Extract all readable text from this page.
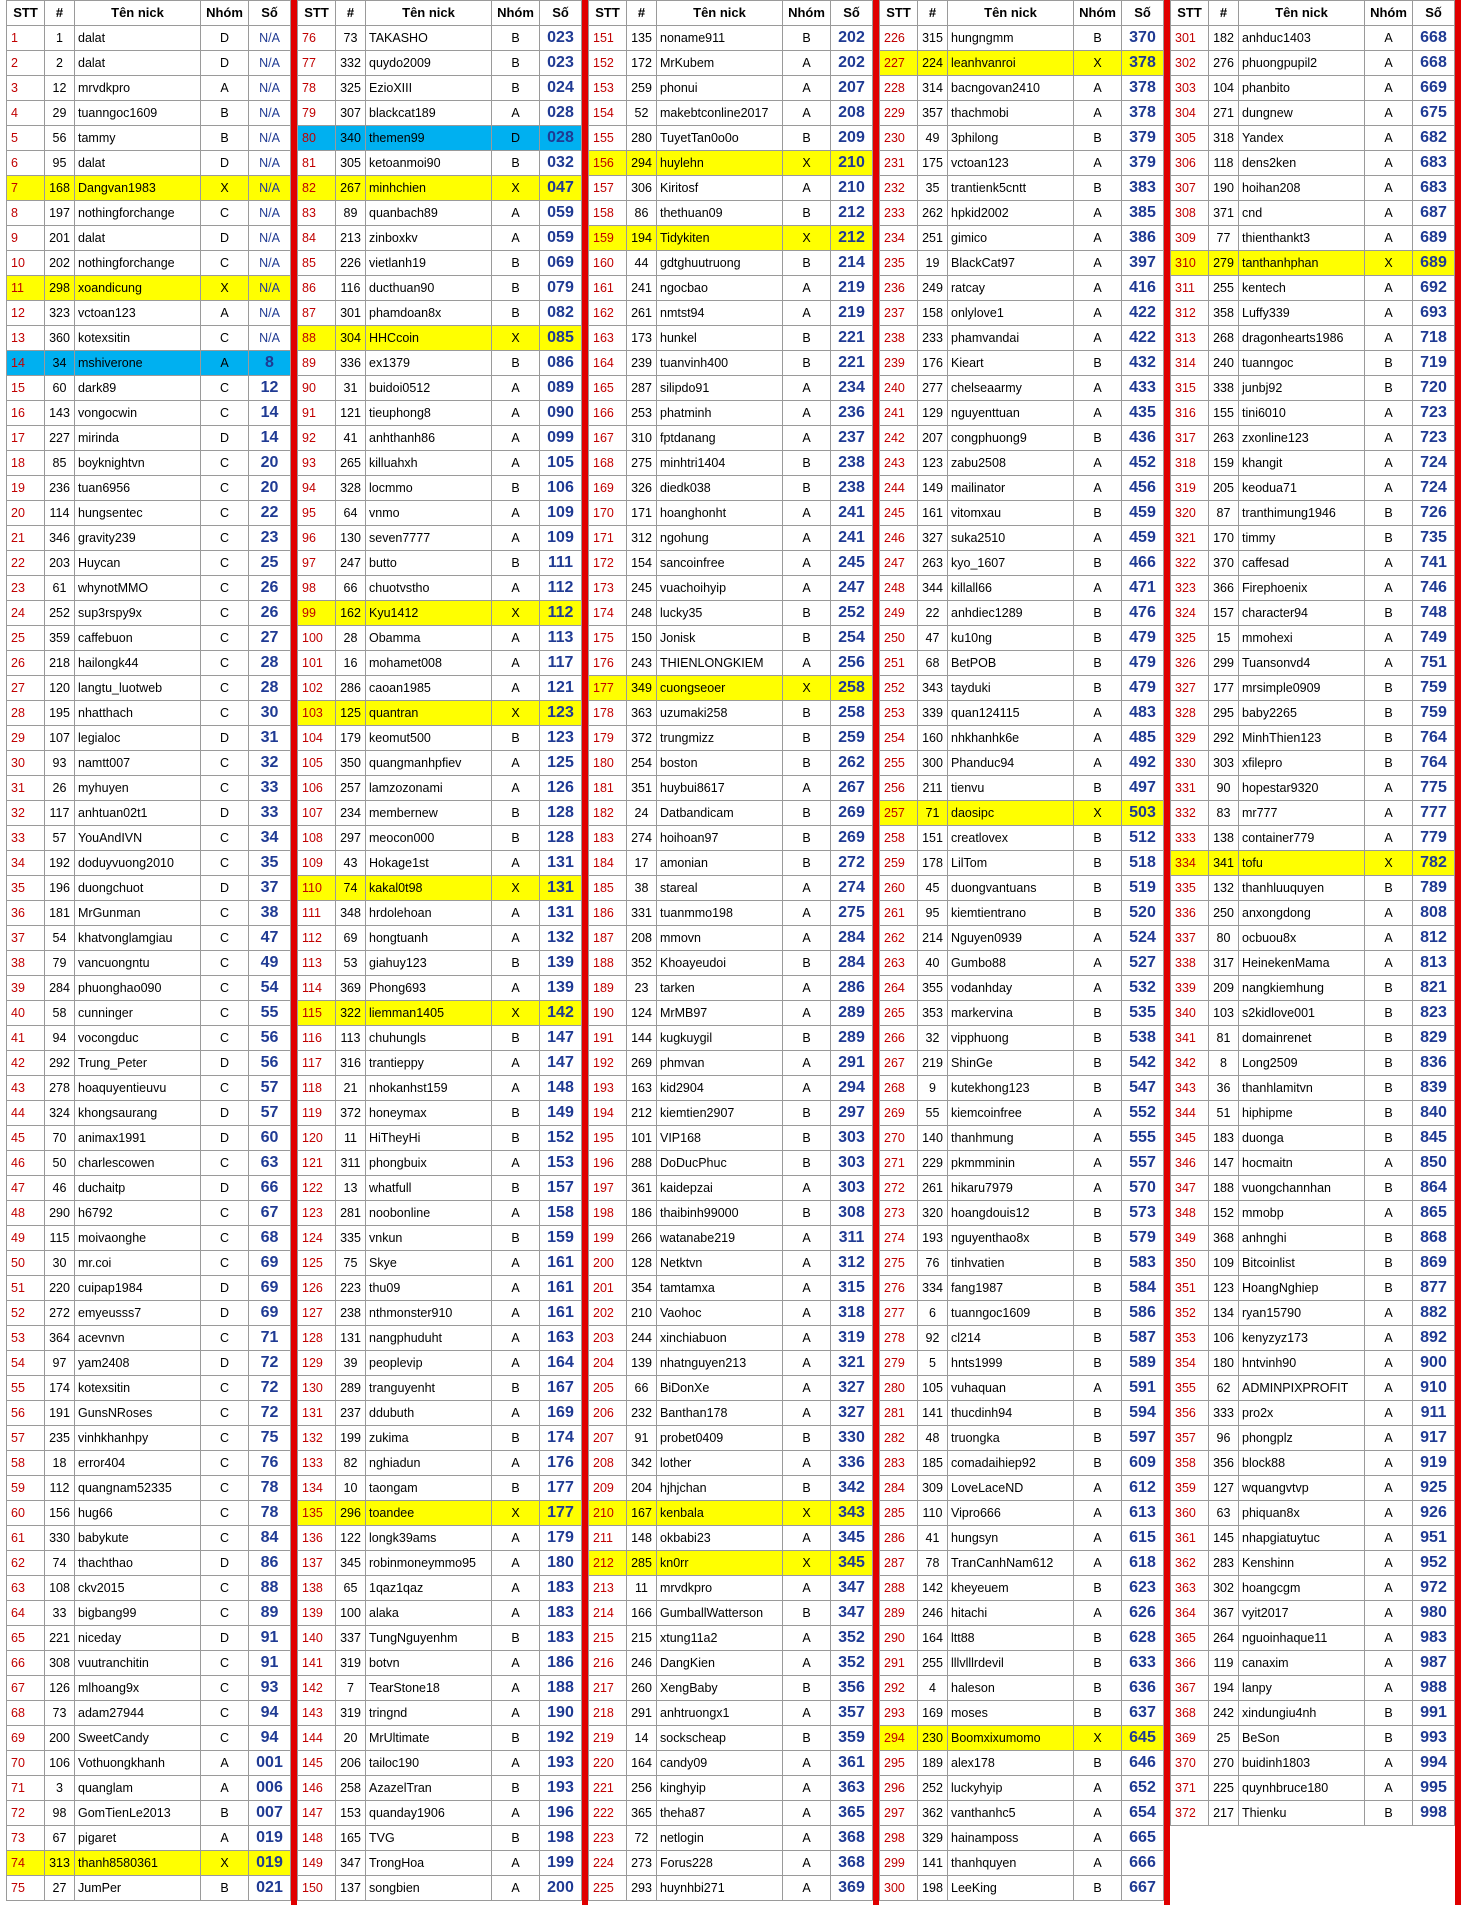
STT	#	Tên nick	Nhóm	Số
1	1	dalat	D	N/A
2	2	dalat	D	N/A
3	12	mrvdkpro	A	N/A
4	29	tuanngoc1609	B	N/A
5	56	tammy	B	N/A
6	95	dalat	D	N/A
7	168	Dangvan1983	X	N/A
8	197	nothingforchange	C	N/A
9	201	dalat	D	N/A
10	202	nothingforchange	C	N/A
11	298	xoandicung	X	N/A
12	323	vctoan123	A	N/A
13	360	kotexsitin	C	N/A
14	34	mshiverone	A	8
15	60	dark89	C	12
16	143	vongocwin	C	14
17	227	mirinda	D	14
18	85	boyknightvn	C	20
19	236	tuan6956	C	20
20	114	hungsentec	C	22
21	346	gravity239	C	23
22	203	Huycan	C	25
23	61	whynotMMO	C	26
24	252	sup3rspy9x	C	26
25	359	caffebuon	C	27
26	218	hailongk44	C	28
27	120	langtu_luotweb	C	28
28	195	nhatthach	C	30
29	107	legialoc	D	31
30	93	namtt007	C	32
31	26	myhuyen	C	33
32	117	anhtuan02t1	D	33
33	57	YouAndIVN	C	34
34	192	doduyvuong2010	C	35
35	196	duongchuot	D	37
36	181	MrGunman	C	38
37	54	khatvonglamgiau	C	47
38	79	vancuongntu	C	49
39	284	phuonghao090	C	54
40	58	cunninger	C	55
41	94	vocongduc	C	56
42	292	Trung_Peter	D	56
43	278	hoaquyentieuvu	C	57
44	324	khongsaurang	D	57
45	70	animax1991	D	60
46	50	charlescowen	C	63
47	46	duchaitp	D	66
48	290	h6792	C	67
49	115	moivaonghe	C	68
50	30	mr.coi	C	69
51	220	cuipap1984	D	69
52	272	emyeusss7	D	69
53	364	acevnvn	C	71
54	97	yam2408	D	72
55	174	kotexsitin	C	72
56	191	GunsNRoses	C	72
57	235	vinhkhanhpy	C	75
58	18	error404	C	76
59	112	quangnam52335	C	78
60	156	hug66	C	78
61	330	babykute	C	84
62	74	thachthao	D	86
63	108	ckv2015	C	88
64	33	bigbang99	C	89
65	221	niceday	D	91
66	308	vuutranchitin	C	91
67	126	mlhoang9x	C	93
68	73	adam27944	C	94
69	200	SweetCandy	C	94
70	106	Vothuongkhanh	A	001
71	3	quanglam	A	006
72	98	GomTienLe2013	B	007
73	67	pigaret	A	019
74	313	thanh8580361	X	019
75	27	JumPer	B	021
STT	#	Tên nick	Nhóm	Số
76	73	TAKASHO	B	023
77	332	quydo2009	B	023
78	325	EzioXIII	B	024
79	307	blackcat189	A	028
80	340	themen99	D	028
81	305	ketoanmoi90	B	032
82	267	minhchien	X	047
83	89	quanbach89	A	059
84	213	zinboxkv	A	059
85	226	vietlanh19	B	069
86	116	ducthuan90	B	079
87	301	phamdoan8x	B	082
88	304	HHCcoin	X	085
89	336	ex1379	B	086
90	31	buidoi0512	A	089
91	121	tieuphong8	A	090
92	41	anhthanh86	A	099
93	265	killuahxh	A	105
94	328	locmmo	B	106
95	64	vnmo	A	109
96	130	seven7777	A	109
97	247	butto	B	111
98	66	chuotvstho	A	112
99	162	Kyu1412	X	112
100	28	Obamma	A	113
101	16	mohamet008	A	117
102	286	caoan1985	A	121
103	125	quantran	X	123
104	179	keomut500	B	123
105	350	quangmanhpfiev	A	125
106	257	lamzozonami	A	126
107	234	membernew	B	128
108	297	meocon000	B	128
109	43	Hokage1st	A	131
110	74	kakal0t98	X	131
111	348	hrdolehoan	A	131
112	69	hongtuanh	A	132
113	53	giahuy123	B	139
114	369	Phong693	A	139
115	322	liemman1405	X	142
116	113	chuhungls	B	147
117	316	trantieppy	A	147
118	21	nhokanhst159	A	148
119	372	honeymax	B	149
120	11	HiTheyHi	B	152
121	311	phongbuix	A	153
122	13	whatfull	B	157
123	281	noobonline	A	158
124	335	vnkun	B	159
125	75	Skye	A	161
126	223	thu09	A	161
127	238	nthmonster910	A	161
128	131	nangphuduht	A	163
129	39	peoplevip	A	164
130	289	tranguyenht	B	167
131	237	ddubuth	A	169
132	199	zukima	B	174
133	82	nghiadun	A	176
134	10	taongam	B	177
135	296	toandee	X	177
136	122	longk39ams	A	179
137	345	robinmoneymmo95	A	180
138	65	1qaz1qaz	A	183
139	100	alaka	A	183
140	337	TungNguyenhm	B	183
141	319	botvn	A	186
142	7	TearStone18	A	188
143	319	tringnd	A	190
144	20	MrUltimate	B	192
145	206	tailoc190	A	193
146	258	AzazelTran	B	193
147	153	quanday1906	A	196
148	165	TVG	B	198
149	347	TrongHoa	A	199
150	137	songbien	A	200
STT	#	Tên nick	Nhóm	Số
151	135	noname911	B	202
152	172	MrKubem	A	202
153	259	phonui	A	207
154	52	makebtconline2017	A	208
155	280	TuyetTan0o0o	B	209
156	294	huylehn	X	210
157	306	Kiritosf	A	210
158	86	thethuan09	B	212
159	194	Tidykiten	X	212
160	44	gdtghuutruong	B	214
161	241	ngocbao	A	219
162	261	nmtst94	A	219
163	173	hunkel	B	221
164	239	tuanvinh400	B	221
165	287	silipdo91	A	234
166	253	phatminh	A	236
167	310	fptdanang	A	237
168	275	minhtri1404	B	238
169	326	diedk038	B	238
170	171	hoanghonht	A	241
171	312	ngohung	A	241
172	154	sancoinfree	A	245
173	245	vuachoihyip	A	247
174	248	lucky35	B	252
175	150	Jonisk	B	254
176	243	THIENLONGKIEM	A	256
177	349	cuongseoer	X	258
178	363	uzumaki258	B	258
179	372	trungmizz	B	259
180	254	boston	B	262
181	351	huybui8617	A	267
182	24	Datbandicam	B	269
183	274	hoihoan97	B	269
184	17	amonian	B	272
185	38	stareal	A	274
186	331	tuanmmo198	A	275
187	208	mmovn	A	284
188	352	Khoayeudoi	B	284
189	23	tarken	A	286
190	124	MrMB97	A	289
191	144	kugkuygil	B	289
192	269	phmvan	A	291
193	163	kid2904	A	294
194	212	kiemtien2907	B	297
195	101	VIP168	B	303
196	288	DoDucPhuc	B	303
197	361	kaidepzai	A	303
198	186	thaibinh99000	B	308
199	266	watanabe219	A	311
200	128	Netktvn	A	312
201	354	tamtamxa	A	315
202	210	Vaohoc	A	318
203	244	xinchiabuon	A	319
204	139	nhatnguyen213	A	321
205	66	BiDonXe	A	327
206	232	Banthan178	A	327
207	91	probet0409	B	330
208	342	lother	A	336
209	204	hjhjchan	B	342
210	167	kenbala	X	343
211	148	okbabi23	A	345
212	285	kn0rr	X	345
213	11	mrvdkpro	A	347
214	166	GumballWatterson	B	347
215	215	xtung11a2	A	352
216	246	DangKien	A	352
217	260	XengBaby	B	356
218	291	anhtruongx1	A	357
219	14	sockscheap	B	359
220	164	candy09	A	361
221	256	kinghyip	A	363
222	365	theha87	A	365
223	72	netlogin	A	368
224	273	Forus228	A	368
225	293	huynhbi271	A	369
STT	#	Tên nick	Nhóm	Số
226	315	hungngmm	B	370
227	224	leanhvanroi	X	378
228	314	bacngovan2410	A	378
229	357	thachmobi	A	378
230	49	3philong	B	379
231	175	vctoan123	A	379
232	35	trantienk5cntt	B	383
233	262	hpkid2002	A	385
234	251	gimico	A	386
235	19	BlackCat97	A	397
236	249	ratcay	A	416
237	158	onlylove1	A	422
238	233	phamvandai	A	422
239	176	Kieart	B	432
240	277	chelseaarmy	A	433
241	129	nguyenttuan	A	435
242	207	congphuong9	B	436
243	123	zabu2508	A	452
244	149	mailinator	A	456
245	161	vitomxau	B	459
246	327	suka2510	A	459
247	263	kyo_1607	B	466
248	344	killall66	A	471
249	22	anhdiec1289	B	476
250	47	ku10ng	B	479
251	68	BetPOB	B	479
252	343	tayduki	B	479
253	339	quan124115	A	483
254	160	nhkhanhk6e	A	485
255	300	Phanduc94	A	492
256	211	tienvu	B	497
257	71	daosipc	X	503
258	151	creatlovex	B	512
259	178	LilTom	B	518
260	45	duongvantuans	B	519
261	95	kiemtientrano	B	520
262	214	Nguyen0939	A	524
263	40	Gumbo88	A	527
264	355	vodanhday	A	532
265	353	markervina	B	535
266	32	vipphuong	B	538
267	219	ShinGe	B	542
268	9	kutekhong123	B	547
269	55	kiemcoinfree	A	552
270	140	thanhmung	A	555
271	229	pkmmminin	A	557
272	261	hikaru7979	A	570
273	320	hoangdouis12	B	573
274	193	nguyenthao8x	B	579
275	76	tinhvatien	B	583
276	334	fang1987	B	584
277	6	tuanngoc1609	B	586
278	92	cl214	B	587
279	5	hnts1999	B	589
280	105	vuhaquan	A	591
281	141	thucdinh94	B	594
282	48	truongka	B	597
283	185	comadaihiep92	B	609
284	309	LoveLaceND	A	612
285	110	Vipro666	A	613
286	41	hungsyn	A	615
287	78	TranCanhNam612	A	618
288	142	kheyeuem	B	623
289	246	hitachi	A	626
290	164	ltt88	B	628
291	255	lllvlllrdevil	B	633
292	4	haleson	B	636
293	169	moses	B	637
294	230	Boomxixumomo	X	645
295	189	alex178	B	646
296	252	luckyhyip	A	652
297	362	vanthanhc5	A	654
298	329	hainamposs	A	665
299	141	thanhquyen	A	666
300	198	LeeKing	B	667
STT	#	Tên nick	Nhóm	Số
301	182	anhduc1403	A	668
302	276	phuongpupil2	A	668
303	104	phanbito	A	669
304	271	dungnew	A	675
305	318	Yandex	A	682
306	118	dens2ken	A	683
307	190	hoihan208	A	683
308	371	cnd	A	687
309	77	thienthankt3	A	689
310	279	tanthanhphan	X	689
311	255	kentech	A	692
312	358	Luffy339	A	693
313	268	dragonhearts1986	A	718
314	240	tuanngoc	B	719
315	338	junbj92	B	720
316	155	tini6010	A	723
317	263	zxonline123	A	723
318	159	khangit	A	724
319	205	keodua71	A	724
320	87	tranthimung1946	B	726
321	170	timmy	B	735
322	370	caffesad	A	741
323	366	Firephoenix	A	746
324	157	character94	B	748
325	15	mmohexi	A	749
326	299	Tuansonvd4	A	751
327	177	mrsimple0909	B	759
328	295	baby2265	B	759
329	292	MinhThien123	B	764
330	303	xfilepro	B	764
331	90	hopestar9320	A	775
332	83	mr777	A	777
333	138	container779	A	779
334	341	tofu	X	782
335	132	thanhluuquyen	B	789
336	250	anxongdong	A	808
337	80	ocbuou8x	A	812
338	317	HeinekenMama	A	813
339	209	nangkiemhung	B	821
340	103	s2kidlove001	B	823
341	81	domainrenet	B	829
342	8	Long2509	B	836
343	36	thanhlamitvn	B	839
344	51	hiphipme	B	840
345	183	duonga	B	845
346	147	hocmaitn	A	850
347	188	vuongchannhan	B	864
348	152	mmobp	A	865
349	368	anhnghi	B	868
350	109	Bitcoinlist	B	869
351	123	HoangNghiep	B	877
352	134	ryan15790	A	882
353	106	kenyzyz173	A	892
354	180	hntvinh90	A	900
355	62	ADMINPIXPROFIT	A	910
356	333	pro2x	A	911
357	96	phongplz	A	917
358	356	block88	A	919
359	127	wquangvtvp	A	925
360	63	phiquan8x	A	926
361	145	nhapgiatuytuc	A	951
362	283	Kenshinn	A	952
363	302	hoangcgm	A	972
364	367	vyit2017	A	980
365	264	nguoinhaque11	A	983
366	119	canaxim	A	987
367	194	lanpy	A	988
368	242	xindungiu4nh	B	991
369	25	BeSon	B	993
370	270	buidinh1803	A	994
371	225	quynhbruce180	A	995
372	217	Thienku	B	998
